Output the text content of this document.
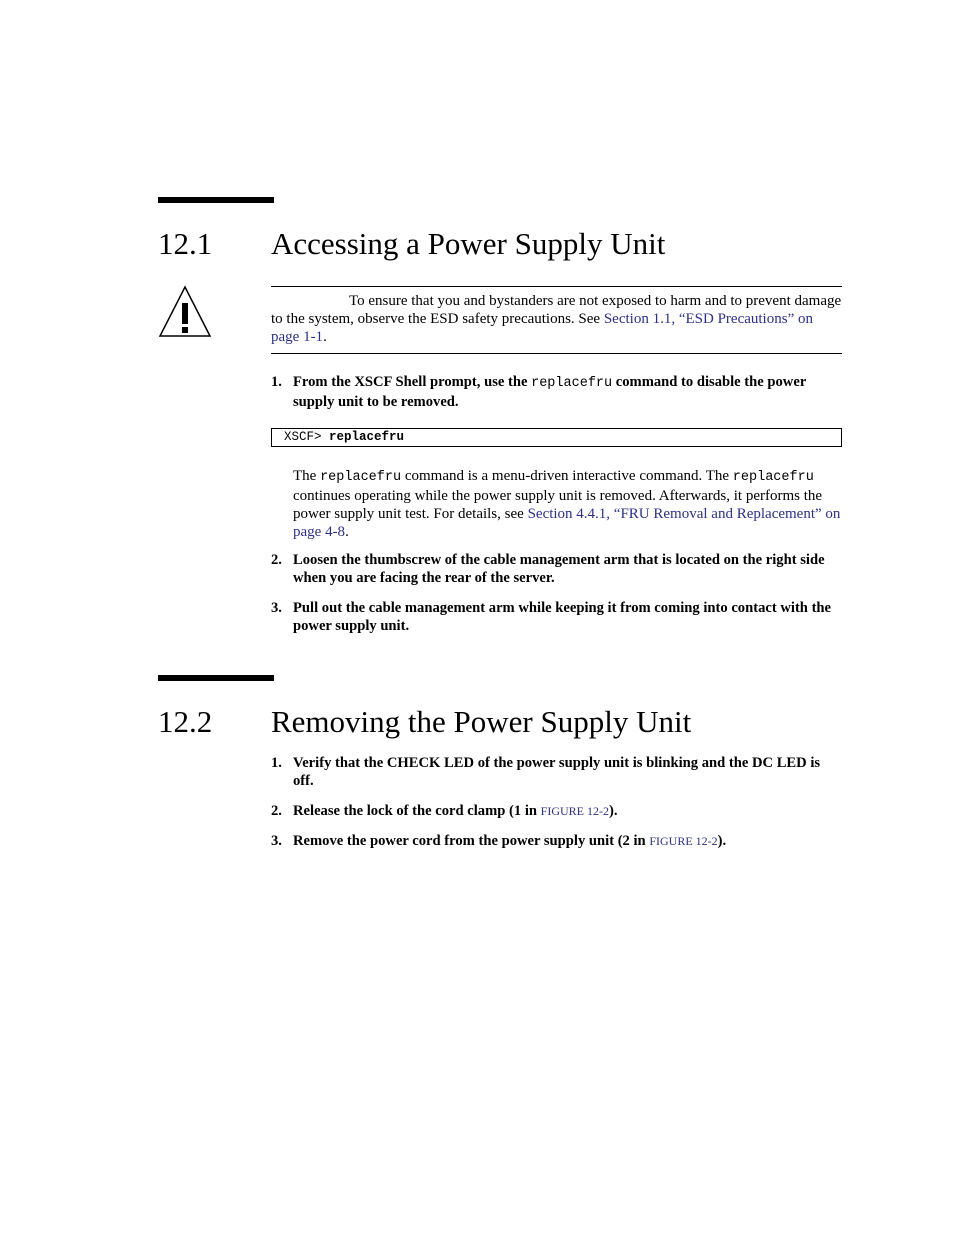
12.1 Accessing a Power Supply Unit
To ensure that you and bystanders are not exposed to harm and to prevent damage to the system, observe the ESD safety precautions. See Section 1.1, “ESD Precautions” on page 1-1.
1. From the XSCF Shell prompt, use the replacefru command to disable the power supply unit to be removed.
XSCF> replacefru
The replacefru command is a menu-driven interactive command. The replacefru continues operating while the power supply unit is removed. Afterwards, it performs the power supply unit test. For details, see Section 4.4.1, “FRU Removal and Replacement” on page 4-8.
2. Loosen the thumbscrew of the cable management arm that is located on the right side when you are facing the rear of the server.
3. Pull out the cable management arm while keeping it from coming into contact with the power supply unit.
12.2 Removing the Power Supply Unit
1. Verify that the CHECK LED of the power supply unit is blinking and the DC LED is off.
2. Release the lock of the cord clamp (1 in FIGURE 12-2).
3. Remove the power cord from the power supply unit (2 in FIGURE 12-2).
